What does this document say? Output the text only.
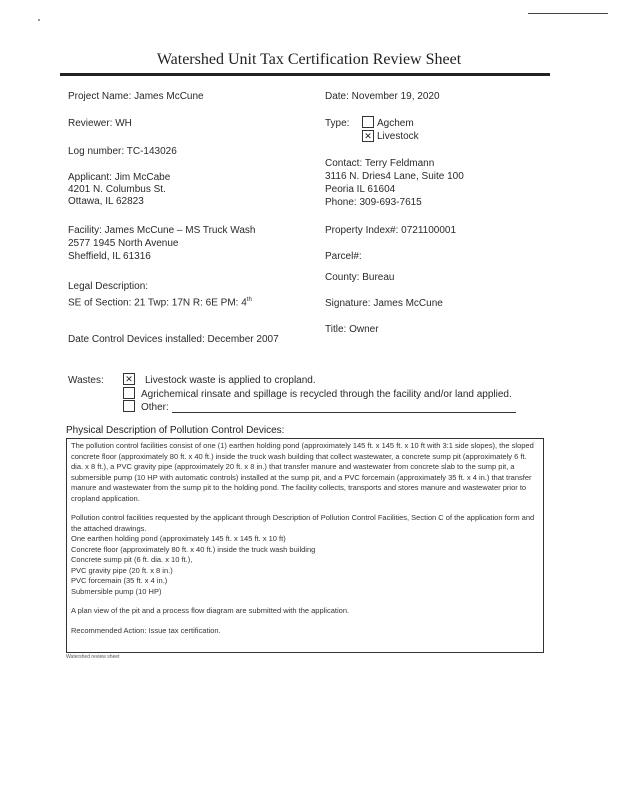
Watershed Unit Tax Certification Review Sheet
Project Name: James McCune
Reviewer: WH
Log number: TC-143026
Applicant: Jim McCabe
4201 N. Columbus St.
Ottawa, IL 62823
Facility: James McCune – MS Truck Wash
2577 1945 North Avenue
Sheffield, IL 61316
Legal Description:
SE of Section: 21 Twp: 17N R: 6E PM: 4th
Date Control Devices installed: December 2007
Date: November 19, 2020
Type:	Agchem
✕
Livestock
Contact: Terry Feldmann
3116 N. Dries4 Lane, Suite 100
Peoria IL 61604
Phone: 309-693-7615
Property Index#: 0721100001
Parcel#:
County: Bureau
Signature: James McCune
Title: Owner
Wastes:
✕	Livestock waste is applied to cropland.
Agrichemical rinsate and spillage is recycled through the facility and/or land applied.
Other:
Physical Description of Pollution Control Devices:

The pollution control facilities consist of one (1) earthen holding pond (approximately 145 ft. x 145 ft. x 10 ft with 3:1 side slopes), the sloped concrete floor (approximately 80 ft. x 40 ft.) inside the truck wash building that collect wastewater, a concrete sump pit (approximately 6 ft. dia. x 8 ft.), a PVC gravity pipe (approximately 20 ft. x 8 in.) that transfer manure and wastewater from concrete slab to the sump pit, a submersible pump (10 HP with automatic controls) installed at the sump pit, and a PVC forcemain (approximately 35 ft. x 4 in.) that transfer manure and wastewater from the sump pit to the holding pond. The facility collects, transports and stores manure and wastewater prior to cropland application.

Pollution control facilities requested by the applicant through Description of Pollution Control Facilities, Section C of the application form and the attached drawings.

One earthen holding pond (approximately 145 ft. x 145 ft. x 10 ft)

Concrete floor (approximately 80 ft. x 40 ft.) inside the truck wash building

Concrete sump pit (6 ft. dia. x 10 ft.),

PVC gravity pipe (20 ft. x 8 in.)

PVC forcemain (35 ft. x 4 in.)

Submersible pump (10 HP)

A plan view of the pit and a process flow diagram are submitted with the application.

Recommended Action: Issue tax certification.

Watershed review sheet
